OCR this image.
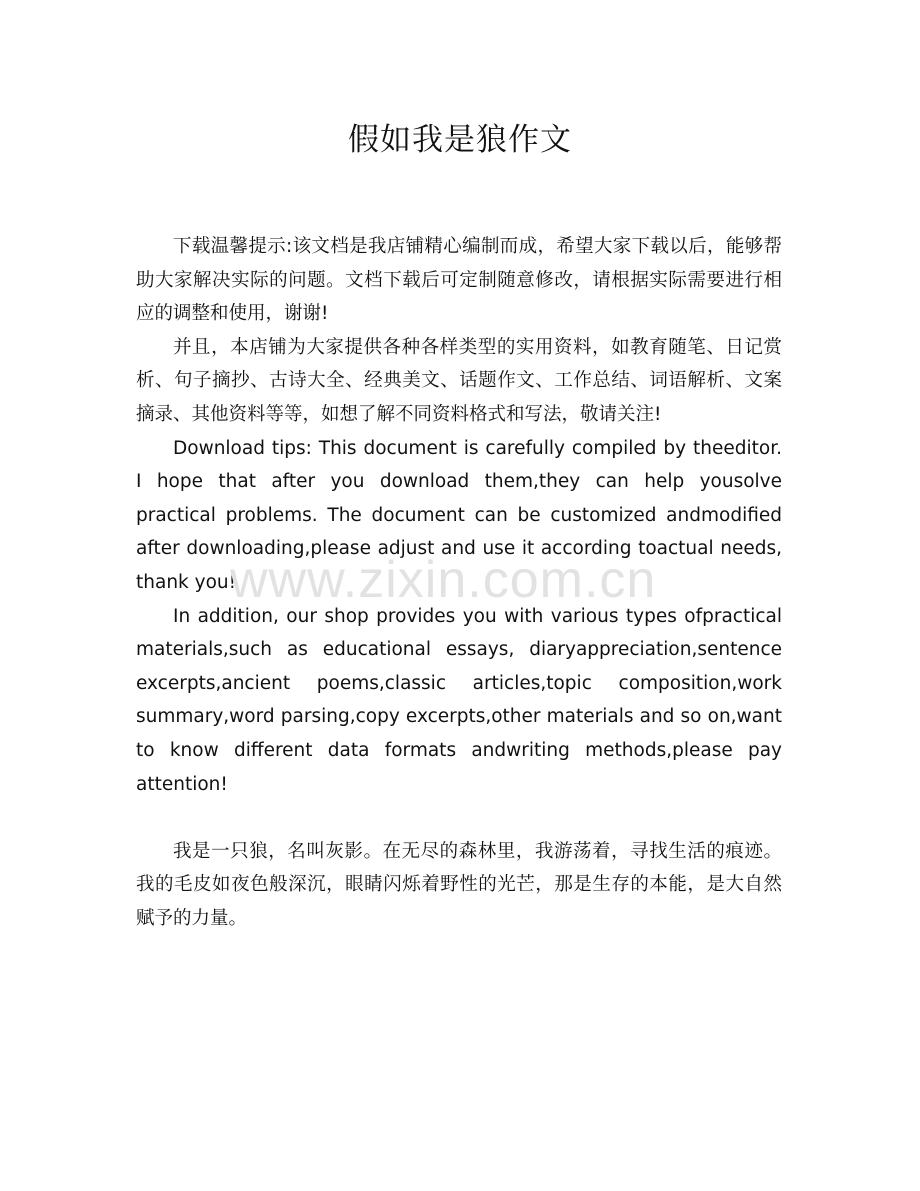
假如我是狼作文

下载温馨提示:该文档是我店铺精心编制而成，希望大家下载以后，能够帮助大家解决实际的问题。文档下载后可定制随意修改，请根据实际需要进行相应的调整和使用，谢谢!

并且，本店铺为大家提供各种各样类型的实用资料，如教育随笔、日记赏析、句子摘抄、古诗大全、经典美文、话题作文、工作总结、词语解析、文案摘录、其他资料等等，如想了解不同资料格式和写法，敬请关注!

Download tips: This document is carefully compiled by theeditor. I hope that after you download them,they can help yousolve practical problems. The document can be customized andmodified after downloading,please adjust and use it according toactual needs, thank you!

In addition, our shop provides you with various types ofpractical materials,such as educational essays, diaryappreciation,sentence excerpts,ancient poems,classic articles,topic composition,work summary,word parsing,copy excerpts,other materials and so on,want to know different data formats andwriting methods,please pay attention!

我是一只狼，名叫灰影。在无尽的森林里，我游荡着，寻找生活的痕迹。我的毛皮如夜色般深沉，眼睛闪烁着野性的光芒，那是生存的本能，是大自然赋予的力量。

www.zixin.com.cn
